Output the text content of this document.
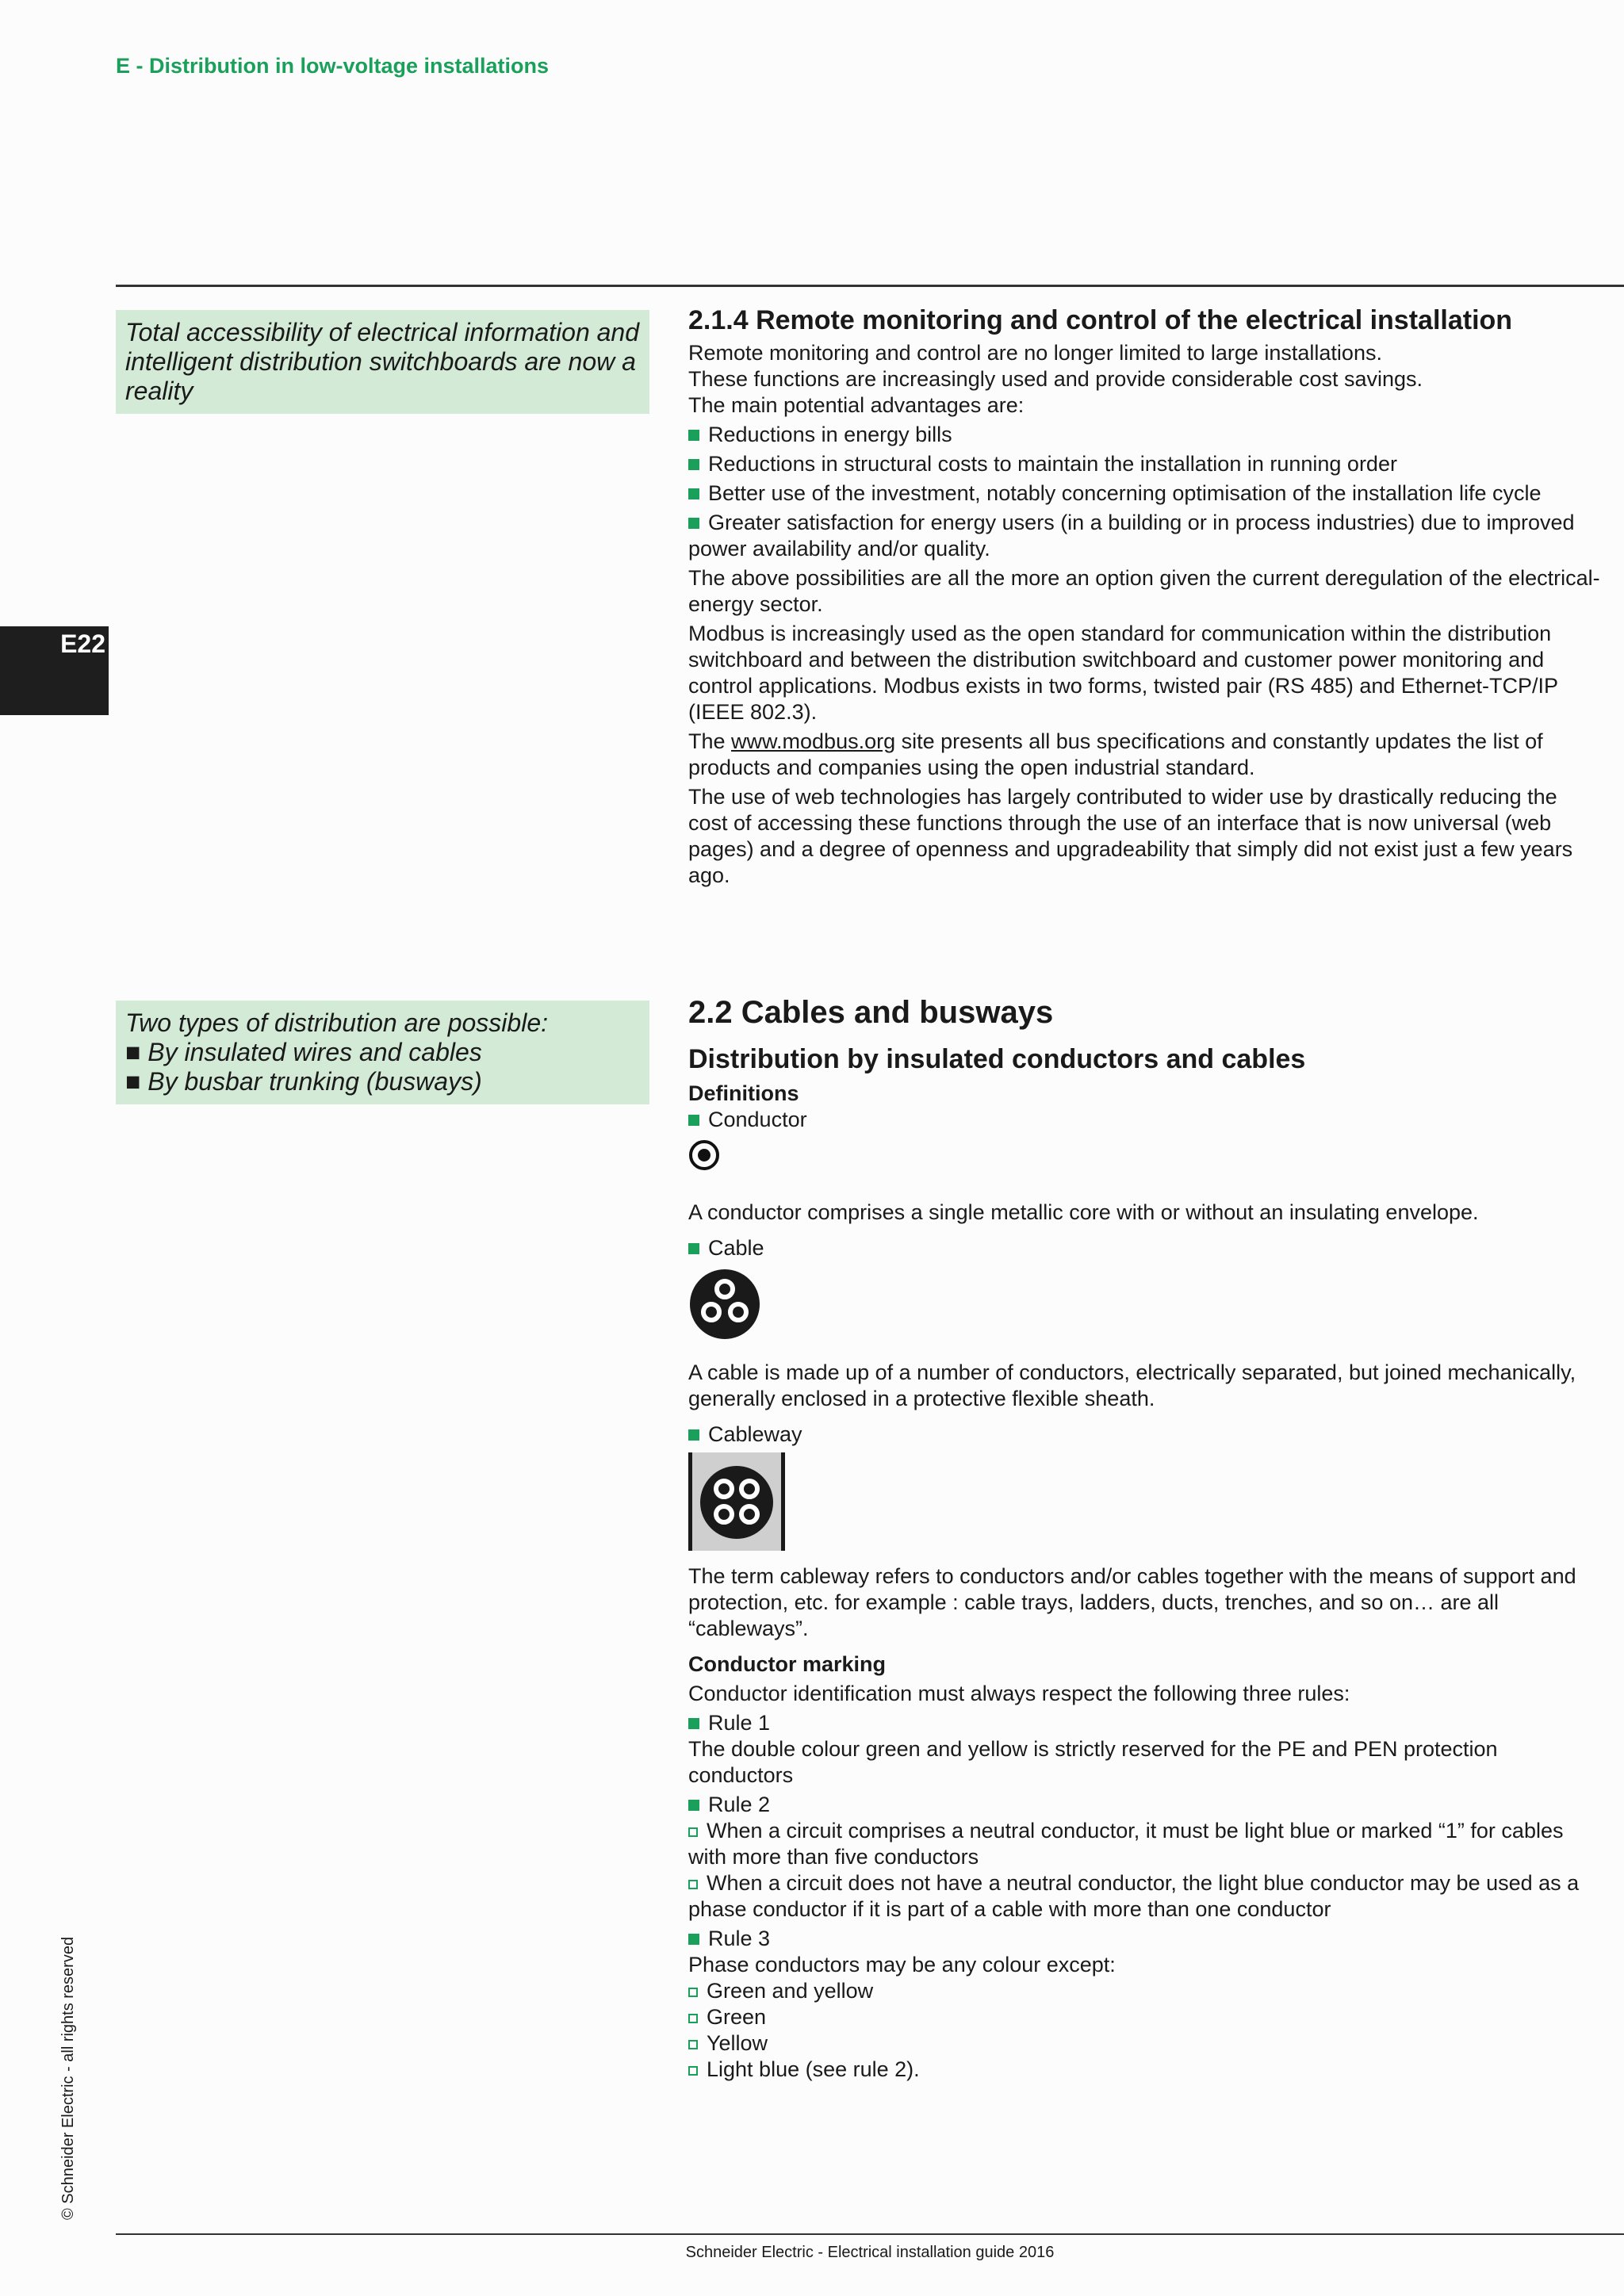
E - Distribution in low-voltage installations
E22
Total accessibility of electrical information and intelligent distribution switchboards are now a reality
Two types of distribution are possible:
■ By insulated wires and cables
■ By busbar trunking (busways)
2.1.4 Remote monitoring and control of the electrical installation
Remote monitoring and control are no longer limited to large installations.
These functions are increasingly used and provide considerable cost savings.
The main potential advantages are:
Reductions in energy bills
Reductions in structural costs to maintain the installation in running order
Better use of the investment, notably concerning optimisation of the installation life cycle
Greater satisfaction for energy users (in a building or in process industries) due to improved power availability and/or quality.
The above possibilities are all the more an option given the current deregulation of the electrical-energy sector.
Modbus is increasingly used as the open standard for communication within the distribution switchboard and between the distribution switchboard and customer power monitoring and control applications. Modbus exists in two forms, twisted pair (RS 485) and Ethernet-TCP/IP (IEEE 802.3).
The www.modbus.org site presents all bus specifications and constantly updates the list of products and companies using the open industrial standard.
The use of web technologies has largely contributed to wider use by drastically reducing the cost of accessing these functions through the use of an interface that is now universal (web pages) and a degree of openness and upgradeability that simply did not exist just a few years ago.
2.2 Cables and busways
Distribution by insulated conductors and cables
Definitions
Conductor
A conductor comprises a single metallic core with or without an insulating envelope.
Cable
A cable is made up of a number of conductors, electrically separated, but joined mechanically, generally enclosed in a protective flexible sheath.
Cableway
The term cableway refers to conductors and/or cables together with the means of support and protection, etc. for example : cable trays, ladders, ducts, trenches, and so on… are all “cableways”.
Conductor marking
Conductor identification must always respect the following three rules:
Rule 1
The double colour green and yellow is strictly reserved for the PE and PEN protection conductors
Rule 2
When a circuit comprises a neutral conductor, it must be light blue or marked “1” for cables with more than five conductors
When a circuit does not have a neutral conductor, the light blue conductor may be used as a phase conductor if it is part of a cable with more than one conductor
Rule 3
Phase conductors may be any colour except:
Green and yellow
Green
Yellow
Light blue (see rule 2).
© Schneider Electric - all rights reserved
Schneider Electric - Electrical installation guide 2016
